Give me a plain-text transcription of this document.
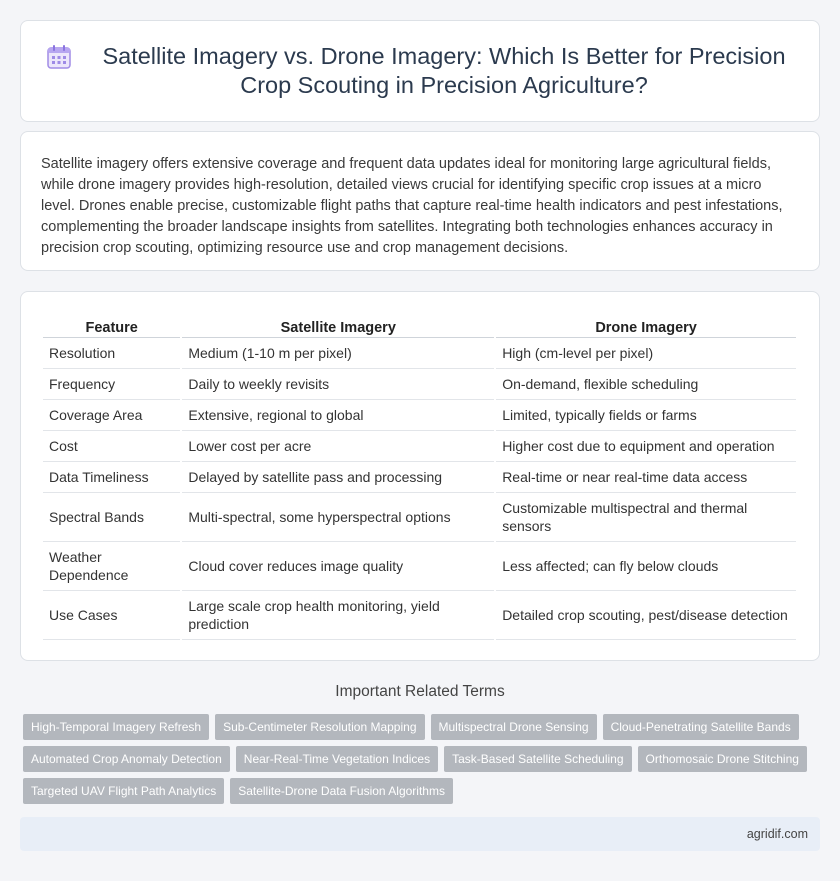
Satellite Imagery vs. Drone Imagery: Which Is Better for Precision Crop Scouting in Precision Agriculture?

Satellite imagery offers extensive coverage and frequent data updates ideal for monitoring large agricultural fields, while drone imagery provides high-resolution, detailed views crucial for identifying specific crop issues at a micro level. Drones enable precise, customizable flight paths that capture real-time health indicators and pest infestations, complementing the broader landscape insights from satellites. Integrating both technologies enhances accuracy in precision crop scouting, optimizing resource use and crop management decisions.

Feature	Satellite Imagery	Drone Imagery
Resolution	Medium (1-10 m per pixel)	High (cm-level per pixel)
Frequency	Daily to weekly revisits	On-demand, flexible scheduling
Coverage Area	Extensive, regional to global	Limited, typically fields or farms
Cost	Lower cost per acre	Higher cost due to equipment and operation
Data Timeliness	Delayed by satellite pass and processing	Real-time or near real-time data access
Spectral Bands	Multi-spectral, some hyperspectral options	Customizable multispectral and thermal sensors
Weather Dependence	Cloud cover reduces image quality	Less affected; can fly below clouds
Use Cases	Large scale crop health monitoring, yield prediction	Detailed crop scouting, pest/disease detection
Important Related Terms
High-Temporal Imagery Refresh	Sub-Centimeter Resolution Mapping	Multispectral Drone Sensing	Cloud-Penetrating Satellite Bands
Automated Crop Anomaly Detection	Near-Real-Time Vegetation Indices	Task-Based Satellite Scheduling	Orthomosaic Drone Stitching
Targeted UAV Flight Path Analytics	Satellite-Drone Data Fusion Algorithms
agridif.com
